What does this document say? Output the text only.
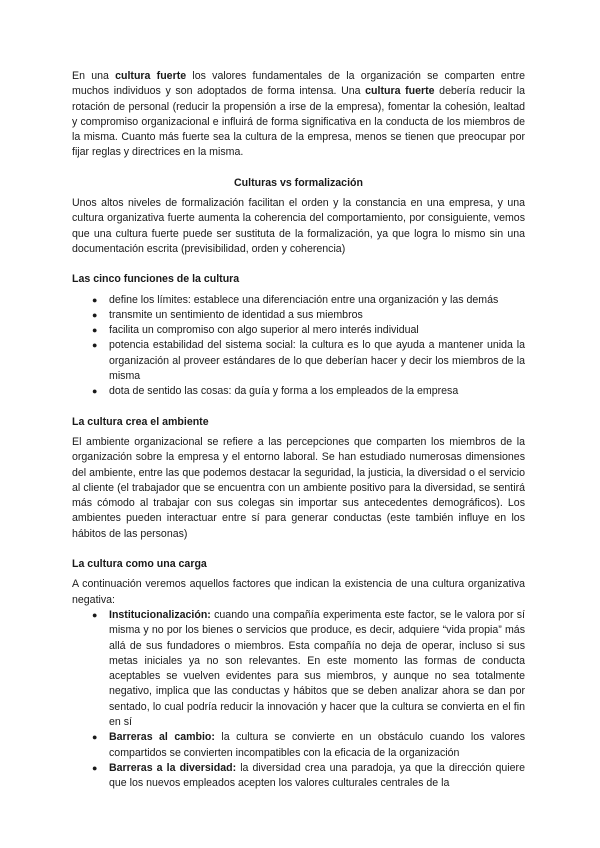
En una cultura fuerte los valores fundamentales de la organización se comparten entre muchos individuos y son adoptados de forma intensa. Una cultura fuerte debería reducir la rotación de personal (reducir la propensión a irse de la empresa), fomentar la cohesión, lealtad y compromiso organizacional e influirá de forma significativa en la conducta de los miembros de la misma. Cuanto más fuerte sea la cultura de la empresa, menos se tienen que preocupar por fijar reglas y directrices en la misma.

Culturas vs formalización

Unos altos niveles de formalización facilitan el orden y la constancia en una empresa, y una cultura organizativa fuerte aumenta la coherencia del comportamiento, por consiguiente, vemos que una cultura fuerte puede ser sustituta de la formalización, ya que logra lo mismo sin una documentación escrita (previsibilidad, orden y coherencia)

Las cinco funciones de la cultura

● define los límites: establece una diferenciación entre una organización y las demás
● transmite un sentimiento de identidad a sus miembros
● facilita un compromiso con algo superior al mero interés individual
● potencia estabilidad del sistema social: la cultura es lo que ayuda a mantener unida la organización al proveer estándares de lo que deberían hacer y decir los miembros de la misma
● dota de sentido las cosas: da guía y forma a los empleados de la empresa

La cultura crea el ambiente

El ambiente organizacional se refiere a las percepciones que comparten los miembros de la organización sobre la empresa y el entorno laboral. Se han estudiado numerosas dimensiones del ambiente, entre las que podemos destacar la seguridad, la justicia, la diversidad o el servicio al cliente (el trabajador que se encuentra con un ambiente positivo para la diversidad, se sentirá más cómodo al trabajar con sus colegas sin importar sus antecedentes demográficos). Los ambientes pueden interactuar entre sí para generar conductas (este también influye en los hábitos de las personas)

La cultura como una carga

A continuación veremos aquellos factores que indican la existencia de una cultura organizativa negativa:

● Institucionalización: cuando una compañía experimenta este factor, se le valora por sí misma y no por los bienes o servicios que produce, es decir, adquiere “vida propia” más allá de sus fundadores o miembros. Esta compañía no deja de operar, incluso si sus metas iniciales ya no son relevantes. En este momento las formas de conducta aceptables se vuelven evidentes para sus miembros, y aunque no sea totalmente negativo, implica que las conductas y hábitos que se deben analizar ahora se dan por sentado, lo cual podría reducir la innovación y hacer que la cultura se convierta en el fin en sí
● Barreras al cambio: la cultura se convierte en un obstáculo cuando los valores compartidos se convierten incompatibles con la eficacia de la organización
● Barreras a la diversidad: la diversidad crea una paradoja, ya que la dirección quiere que los nuevos empleados acepten los valores culturales centrales de la
